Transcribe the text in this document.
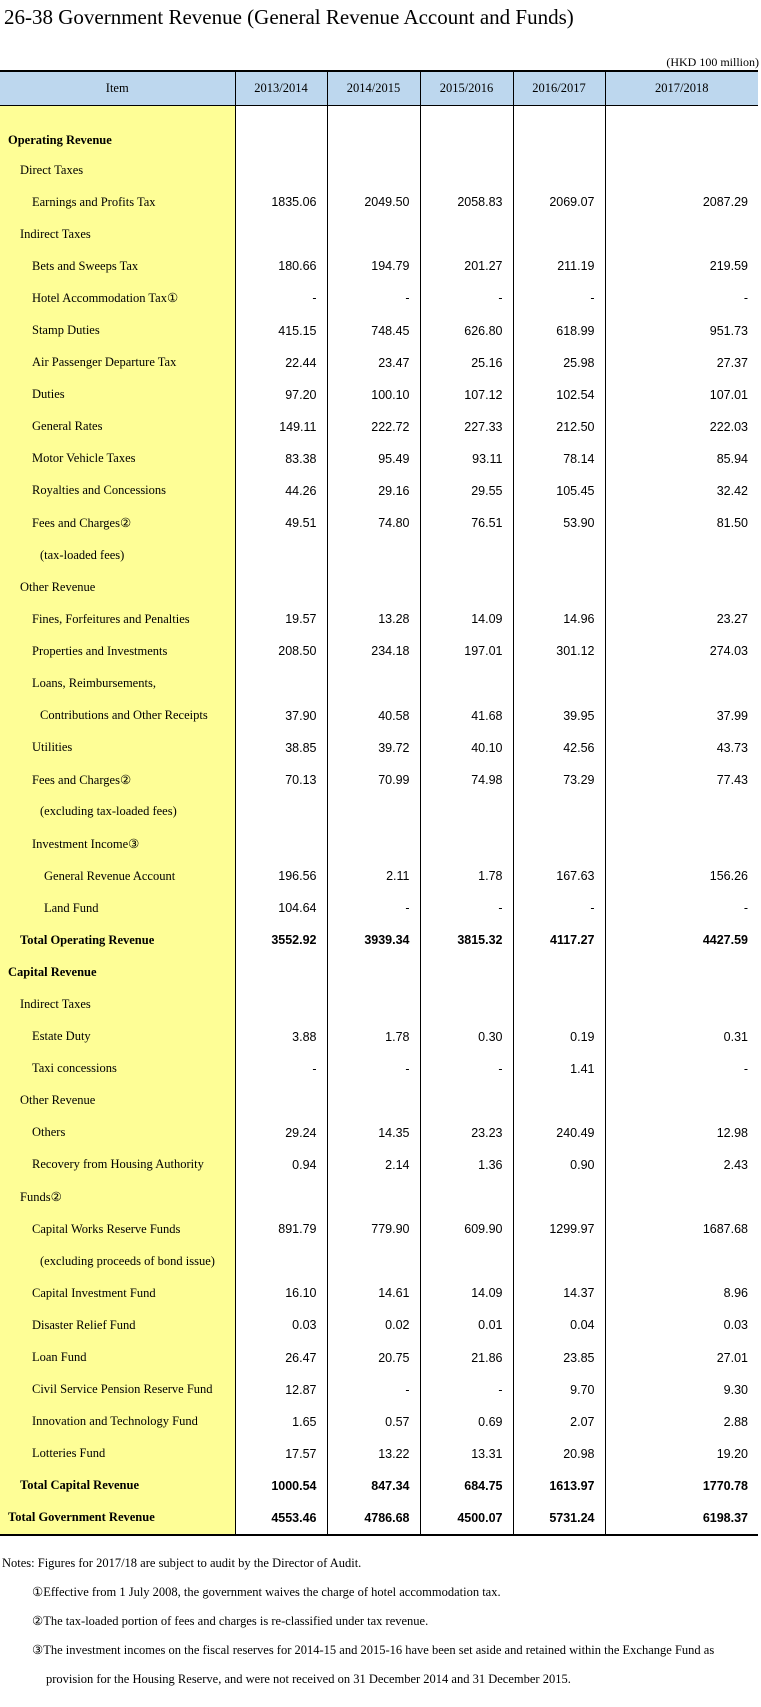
26-38 Government Revenue (General Revenue Account and Funds)
(HKD 100 million)
Item	2013/2014	2014/2015	2015/2016	2016/2017	2017/2018
Operating Revenue					
Direct Taxes					
Earnings and Profits Tax	1835.06	2049.50	2058.83	2069.07	2087.29
Indirect Taxes					
Bets and Sweeps Tax	180.66	194.79	201.27	211.19	219.59
Hotel Accommodation Tax①	-	-	-	-	-
Stamp Duties	415.15	748.45	626.80	618.99	951.73
Air Passenger Departure Tax	22.44	23.47	25.16	25.98	27.37
Duties	97.20	100.10	107.12	102.54	107.01
General Rates	149.11	222.72	227.33	212.50	222.03
Motor Vehicle Taxes	83.38	95.49	93.11	78.14	85.94
Royalties and Concessions	44.26	29.16	29.55	105.45	32.42
Fees and Charges②	49.51	74.80	76.51	53.90	81.50
(tax-loaded fees)					
Other Revenue					
Fines, Forfeitures and Penalties	19.57	13.28	14.09	14.96	23.27
Properties and Investments	208.50	234.18	197.01	301.12	274.03
Loans, Reimbursements,					
Contributions and Other Receipts	37.90	40.58	41.68	39.95	37.99
Utilities	38.85	39.72	40.10	42.56	43.73
Fees and Charges②	70.13	70.99	74.98	73.29	77.43
(excluding tax-loaded fees)					
Investment Income③					
General Revenue Account	196.56	2.11	1.78	167.63	156.26
Land Fund	104.64	-	-	-	-
Total Operating Revenue	3552.92	3939.34	3815.32	4117.27	4427.59
Capital Revenue					
Indirect Taxes					
Estate Duty	3.88	1.78	0.30	0.19	0.31
Taxi concessions	-	-	-	1.41	-
Other Revenue					
Others	29.24	14.35	23.23	240.49	12.98
Recovery from Housing Authority	0.94	2.14	1.36	0.90	2.43
Funds②					
Capital Works Reserve Funds	891.79	779.90	609.90	1299.97	1687.68
(excluding proceeds of bond issue)					
Capital Investment Fund	16.10	14.61	14.09	14.37	8.96
Disaster Relief Fund	0.03	0.02	0.01	0.04	0.03
Loan Fund	26.47	20.75	21.86	23.85	27.01
Civil Service Pension Reserve Fund	12.87	-	-	9.70	9.30
Innovation and Technology Fund	1.65	0.57	0.69	2.07	2.88
Lotteries Fund	17.57	13.22	13.31	20.98	19.20
Total Capital Revenue	1000.54	847.34	684.75	1613.97	1770.78
Total Government Revenue	4553.46	4786.68	4500.07	5731.24	6198.37
Notes: Figures for 2017/18 are subject to audit by the Director of Audit.
①Effective from 1 July 2008, the government waives the charge of hotel accommodation tax.
②The tax-loaded portion of fees and charges is re-classified under tax revenue.
③The investment incomes on the fiscal reserves for 2014-15 and 2015-16 have been set aside and retained within the Exchange Fund as
provision for the Housing Reserve, and were not received on 31 December 2014 and 31 December 2015.
